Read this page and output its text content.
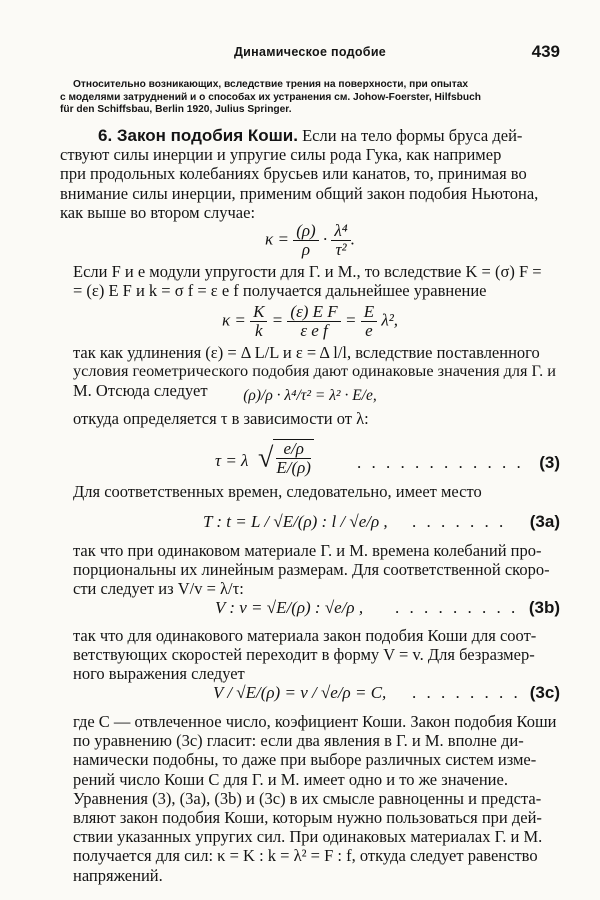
Динамическое подобие	439
Относительно возникающих, вследствие трения на поверхности, при опытах
с моделями затруднений и о способах их устранения см. Johow-Foerster, Hilfsbuch
für den Schiffsbau, Berlin 1920, Julius Springer.
6. Закон подобия Коши. Если на тело формы бруса дей-
ствуют силы инерции и упругие силы рода Гука, как например
при продольных колебаниях брусьев или канатов, то, принимая во
внимание силы инерции, применим общий закон подобия Ньютона,
как выше во втором случае:
$\kappa = \frac{(\rho)}{\rho} \cdot \frac{\text{λ⁴}}{\text{τ²}}$ .
Если F и e модули упругости для Г. и М., то вследствие K = (σ) F =
= (ε) E F и k = σ f = ε e f получается дальнейшее уравнение
$\kappa = \frac{K}{k} = \frac{\text{(ε) E F}}{\text{ε e f}} = \frac{E}{e} \lambda^2$,
так как удлинения (ε) = Δ L/L и ε = Δ l/l, вследствие поставленного
условия геометрического подобия дают одинаковые значения для Г. и
М. Отсюда следует	(ρ)/ρ · λ⁴/τ² = λ² · E/e,
откуда определяется τ в зависимости от λ:
τ = λ √ $\frac{e/\rho}{E/(\rho)}$	. . . . . . . . . . . . (3)
Для соответственных времен, следовательно, имеет место
T : t = L / √E/(ρ) : l / √e/ρ , . . . . . . . (3a)
так что при одинаковом материале Г. и М. времена колебаний про-
порциональны их линейным размерам. Для соответственной скоро-
сти следует из V/v = λ/τ:
V : v = √E/(ρ) : √e/ρ , . . . . . . . . . (3b)
так что для одинакового материала закон подобия Коши для соот-
ветствующих скоростей переходит в форму V = v. Для безразмер-
ного выражения следует
V / √E/(ρ) = v / √e/ρ = C, . . . . . . . . (3c)
где C — отвлеченное число, коэфициент Коши. Закон подобия Коши
по уравнению (3c) гласит: если два явления в Г. и М. вполне ди-
намически подобны, то даже при выборе различных систем изме-
рений число Коши C для Г. и М. имеет одно и то же значение.
Уравнения (3), (3a), (3b) и (3c) в их смысле равноценны и предста-
вляют закон подобия Коши, которым нужно пользоваться при дей-
ствии указанных упругих сил. При одинаковых материалах Г. и М.
получается для сил: κ = K : k = λ² = F : f, откуда следует равенство
напряжений.
